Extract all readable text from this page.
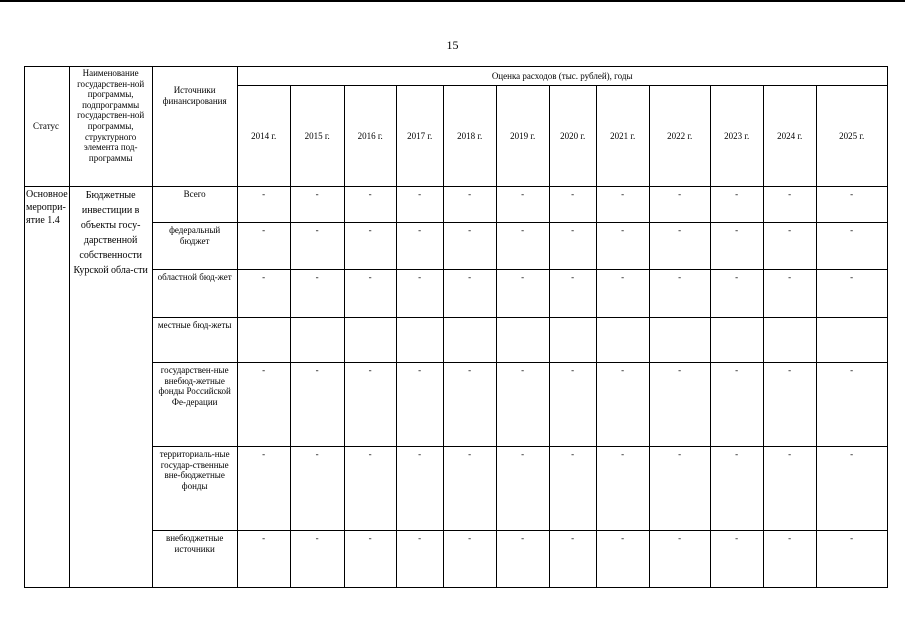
15
Статус	Наименование государствен-ной программы, подпрограммы государствен-ной программы, структурного элемента под-программы	Источники финансирования	Оценка расходов (тыс. рублей), годы											
			2014 г.	2015 г.	2016 г.	2017 г.	2018 г.	2019 г.	2020 г.	2021 г.	2022 г.	2023 г.	2024 г.	2025 г.
Основное меропри-ятие 1.4	Бюджетные инвестиции в объекты госу-дарственной собственности Курской обла-сти	Всего	-	-	-	-	-	-	-	-	-	-	-	-
		федеральный бюджет	-	-	-	-	-	-	-	-	-	-	-	-
		областной бюд-жет	-	-	-	-	-	-	-	-	-	-	-	-
		местные бюд-жеты												
		государствен-ные внебюд-жетные фонды Российской Фе-дерации	-	-	-	-	-	-	-	-	-	-	-	-
		территориаль-ные государ-ственные вне-бюджетные фонды	-	-	-	-	-	-	-	-	-	-	-	-
		внебюджетные источники	-	-	-	-	-	-	-	-	-	-	-	-
